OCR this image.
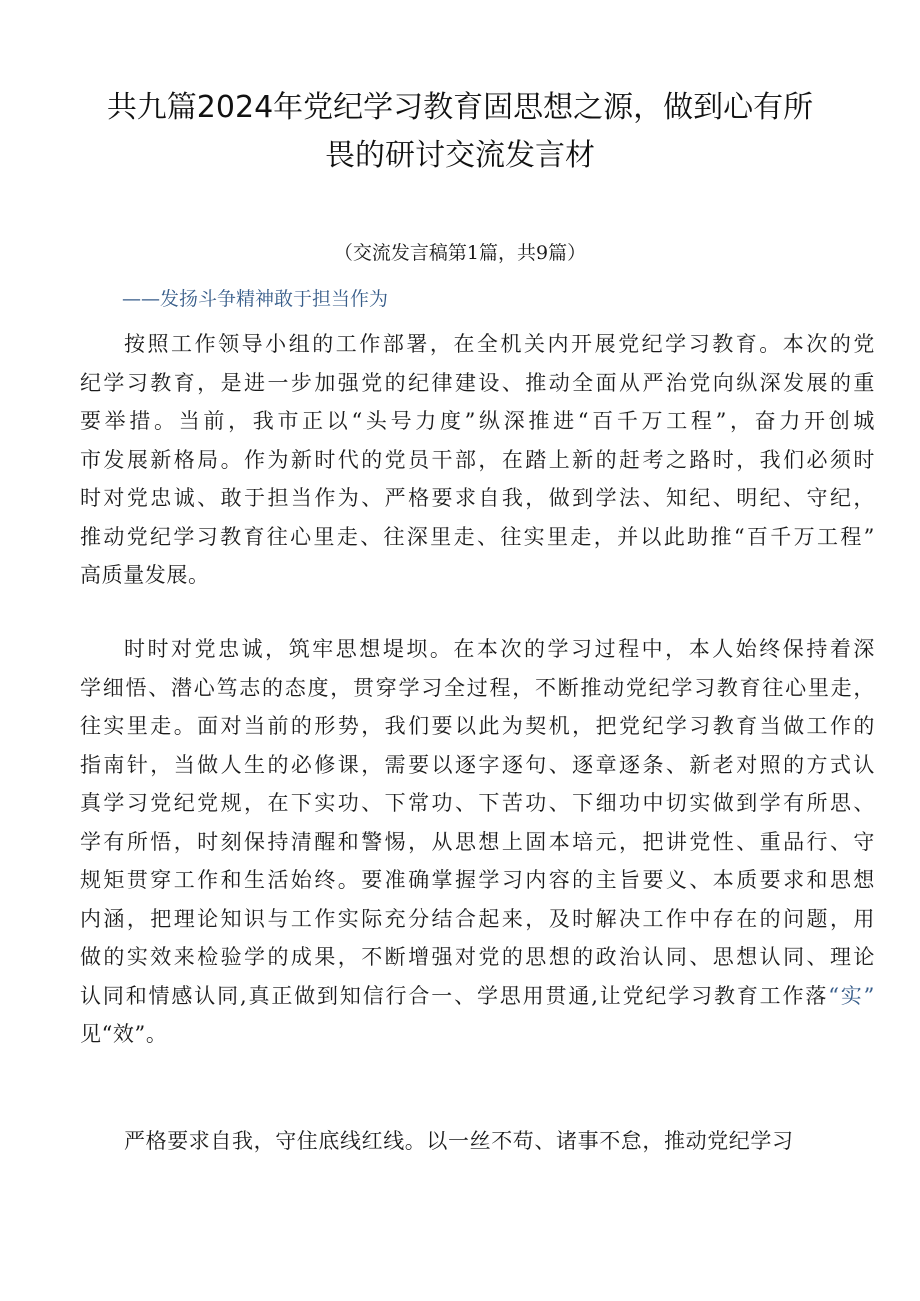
共九篇2024年党纪学习教育固思想之源，做到心有所
畏的研讨交流发言材
（交流发言稿第1篇，共9篇）
——发扬斗争精神敢于担当作为
按照工作领导小组的工作部署，在全机关内开展党纪学习教育。本次的党
纪学习教育，是进一步加强党的纪律建设、推动全面从严治党向纵深发展的重
要举措。当前，我市正以“头号力度”纵深推进“百千万工程”，奋力开创城
市发展新格局。作为新时代的党员干部，在踏上新的赶考之路时，我们必须时
时对党忠诚、敢于担当作为、严格要求自我，做到学法、知纪、明纪、守纪，
推动党纪学习教育往心里走、往深里走、往实里走，并以此助推“百千万工程”
高质量发展。
时时对党忠诚，筑牢思想堤坝。在本次的学习过程中，本人始终保持着深
学细悟、潜心笃志的态度，贯穿学习全过程，不断推动党纪学习教育往心里走，
往实里走。面对当前的形势，我们要以此为契机，把党纪学习教育当做工作的
指南针，当做人生的必修课，需要以逐字逐句、逐章逐条、新老对照的方式认
真学习党纪党规，在下实功、下常功、下苦功、下细功中切实做到学有所思、
学有所悟，时刻保持清醒和警惕，从思想上固本培元，把讲党性、重品行、守
规矩贯穿工作和生活始终。要准确掌握学习内容的主旨要义、本质要求和思想
内涵，把理论知识与工作实际充分结合起来，及时解决工作中存在的问题，用
做的实效来检验学的成果，不断增强对党的思想的政治认同、思想认同、理论
认同和情感认同,真正做到知信行合一、学思用贯通,让党纪学习教育工作落“实”
见“效”。
严格要求自我，守住底线红线。以一丝不苟、诸事不怠，推动党纪学习
